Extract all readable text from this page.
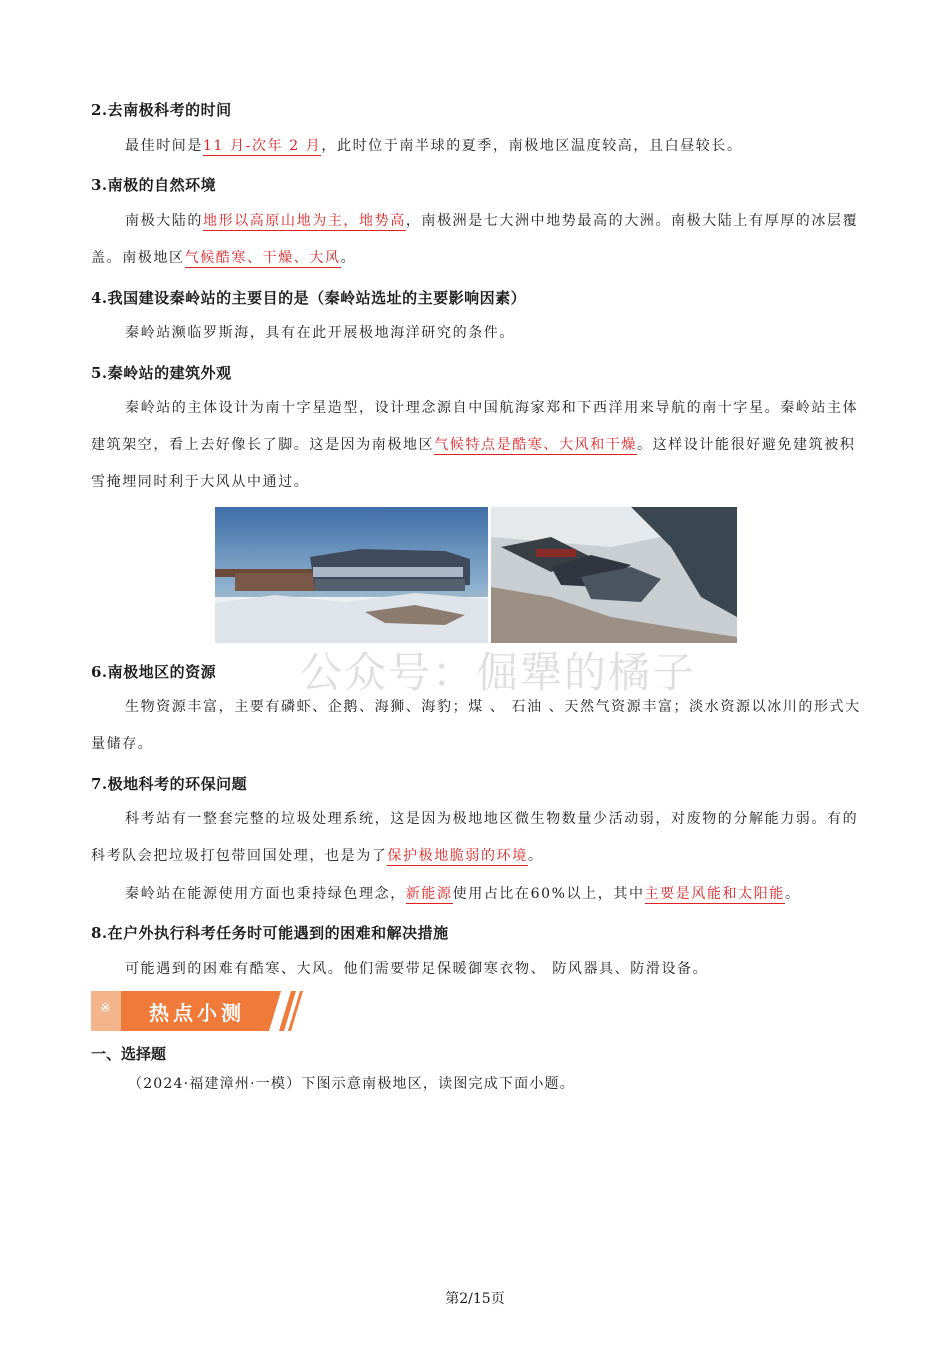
2.去南极科考的时间
最佳时间是11 月-次年 2 月，此时位于南半球的夏季，南极地区温度较高，且白昼较长。
3.南极的自然环境
南极大陆的地形以高原山地为主，地势高，南极洲是七大洲中地势最高的大洲。南极大陆上有厚厚的冰层覆盖。南极地区气候酷寒、干燥、大风。
4.我国建设秦岭站的主要目的是（秦岭站选址的主要影响因素）
秦岭站濒临罗斯海，具有在此开展极地海洋研究的条件。
5.秦岭站的建筑外观
秦岭站的主体设计为南十字星造型，设计理念源自中国航海家郑和下西洋用来导航的南十字星。秦岭站主体建筑架空，看上去好像长了脚。这是因为南极地区气候特点是酷寒、大风和干燥。这样设计能很好避免建筑被积雪掩埋同时利于大风从中通过。
公众号：倔犟的橘子
6.南极地区的资源
生物资源丰富，主要有磷虾、企鹅、海狮、海豹；煤 、 石油 、天然气资源丰富；淡水资源以冰川的形式大量储存。
7.极地科考的环保问题
科考站有一整套完整的垃圾处理系统，这是因为极地地区微生物数量少活动弱，对废物的分解能力弱。有的科考队会把垃圾打包带回国处理，也是为了保护极地脆弱的环境。
秦岭站在能源使用方面也秉持绿色理念，新能源使用占比在60%以上，其中主要是风能和太阳能。
8.在户外执行科考任务时可能遇到的困难和解决措施
可能遇到的困难有酷寒、大风。他们需要带足保暖御寒衣物、 防风器具、防滑设备。
※ 热点小测
一、选择题
（2024·福建漳州·一模）下图示意南极地区，读图完成下面小题。
第2/15页
